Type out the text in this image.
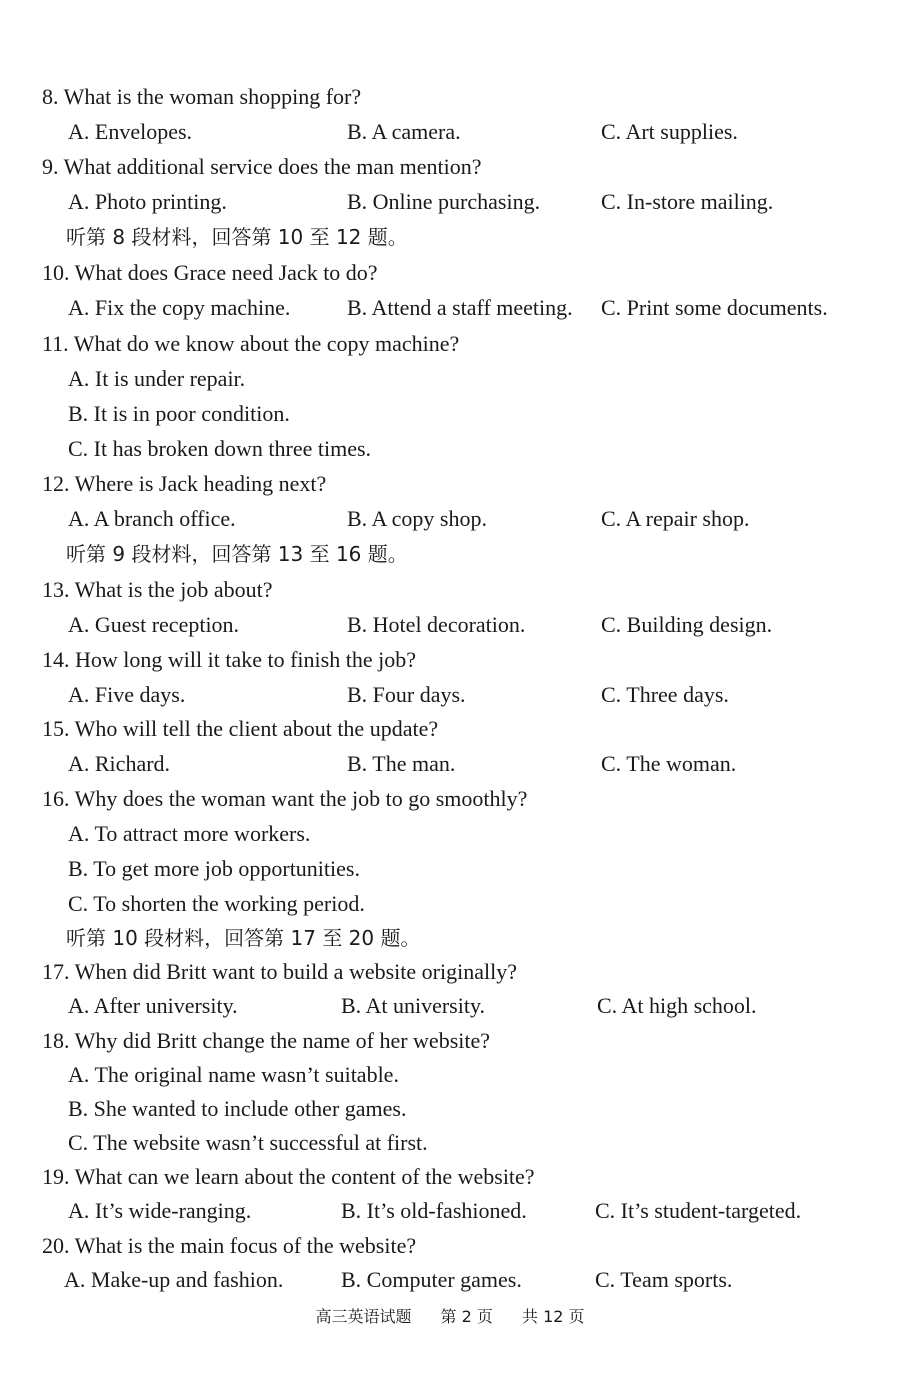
8. What is the woman shopping for?
A. Envelopes.	B. A camera.	C. Art supplies.
9. What additional service does the man mention?
A. Photo printing.	B. Online purchasing.	C. In-store mailing.
听第 8 段材料，回答第 10 至 12 题。
10. What does Grace need Jack to do?
A. Fix the copy machine.	B. Attend a staff meeting. C. Print some documents.
11. What do we know about the copy machine?
A. It is under repair.
B. It is in poor condition.
C. It has broken down three times.
12. Where is Jack heading next?
A. A branch office.	B. A copy shop.	C. A repair shop.
听第 9 段材料，回答第 13 至 16 题。
13. What is the job about?
A. Guest reception.	B. Hotel decoration.	C. Building design.
14. How long will it take to finish the job?
A. Five days.	B. Four days.	C. Three days.
15. Who will tell the client about the update?
A. Richard.	B. The man.	C. The woman.
16. Why does the woman want the job to go smoothly?
A. To attract more workers.
B. To get more job opportunities.
C. To shorten the working period.
听第 10 段材料，回答第 17 至 20 题。
17. When did Britt want to build a website originally?
A. After university.	B. At university.	C. At high school.
18. Why did Britt change the name of her website?
A. The original name wasn’t suitable.
B. She wanted to include other games.
C. The website wasn’t successful at first.
19. What can we learn about the content of the website?
A. It’s wide-ranging.	B. It’s old-fashioned.	C. It’s student-targeted.
20. What is the main focus of the website?
A. Make-up and fashion.	B. Computer games.	C. Team sports.
高三英语试题 第 2 页 共 12 页
